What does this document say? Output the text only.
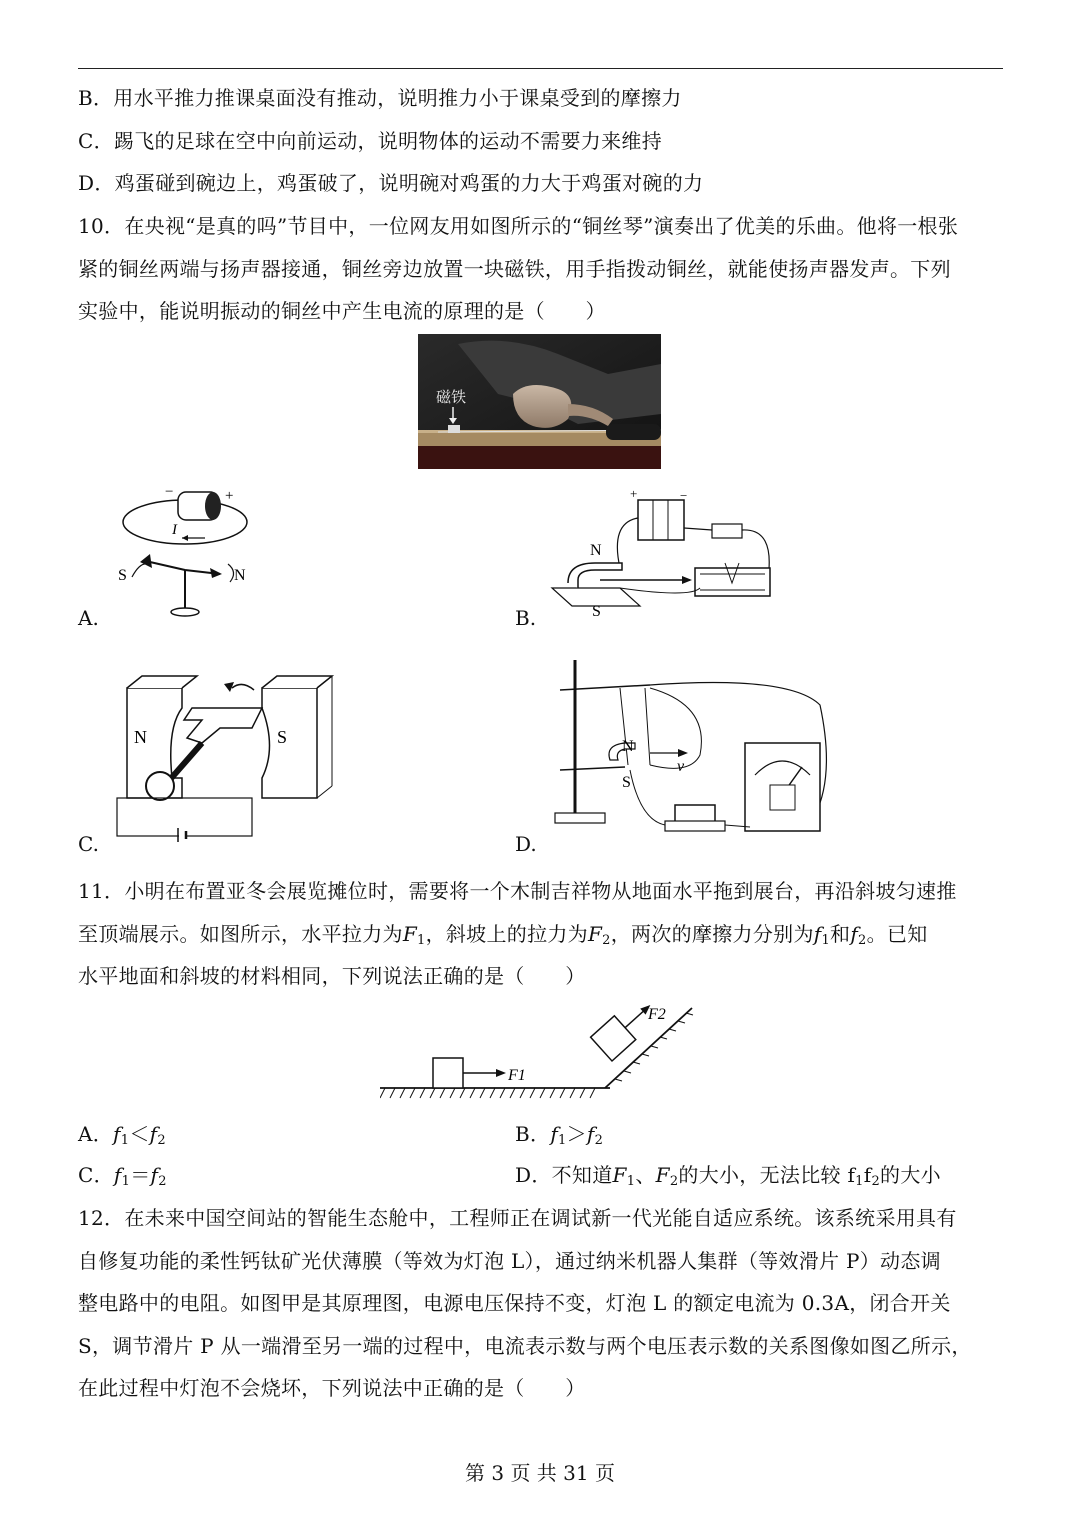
B．用水平推力推课桌面没有推动，说明推力小于课桌受到的摩擦力
C．踢飞的足球在空中向前运动，说明物体的运动不需要力来维持
D．鸡蛋碰到碗边上，鸡蛋破了，说明碗对鸡蛋的力大于鸡蛋对碗的力
10．在央视“是真的吗”节目中，一位网友用如图所示的“铜丝琴”演奏出了优美的乐曲。他将一根张
紧的铜丝两端与扬声器接通，铜丝旁边放置一块磁铁，用手指拨动铜丝，就能使扬声器发声。下列
实验中，能说明振动的铜丝中产生电流的原理的是（　　）
磁铁
−	+
I
S	N
A.
+	−
N
S
B.
N	S
C.
N
S
v
D.
11．小明在布置亚冬会展览摊位时，需要将一个木制吉祥物从地面水平拖到展台，再沿斜坡匀速推
至顶端展示。如图所示，水平拉力为$F_1$，斜坡上的拉力为$F_2$，两次的摩擦力分别为$f_1$和$f_2$。已知
水平地面和斜坡的材料相同，下列说法正确的是（　　）
F1
F2
A．$f_1<f_2$	B．$f_1>f_2$
C．$f_1=f_2$	D．不知道$F_1$、$F_2$的大小，无法比较 $f_1f_2$的大小
12．在未来中国空间站的智能生态舱中，工程师正在调试新一代光能自适应系统。该系统采用具有
自修复功能的柔性钙钛矿光伏薄膜（等效为灯泡 L），通过纳米机器人集群（等效滑片 P）动态调
整电路中的电阻。如图甲是其原理图，电源电压保持不变，灯泡 L 的额定电流为 0.3A，闭合开关
S，调节滑片 P 从一端滑至另一端的过程中，电流表示数与两个电压表示数的关系图像如图乙所示，
在此过程中灯泡不会烧坏，下列说法中正确的是（　　）
第 3 页 共 31 页
